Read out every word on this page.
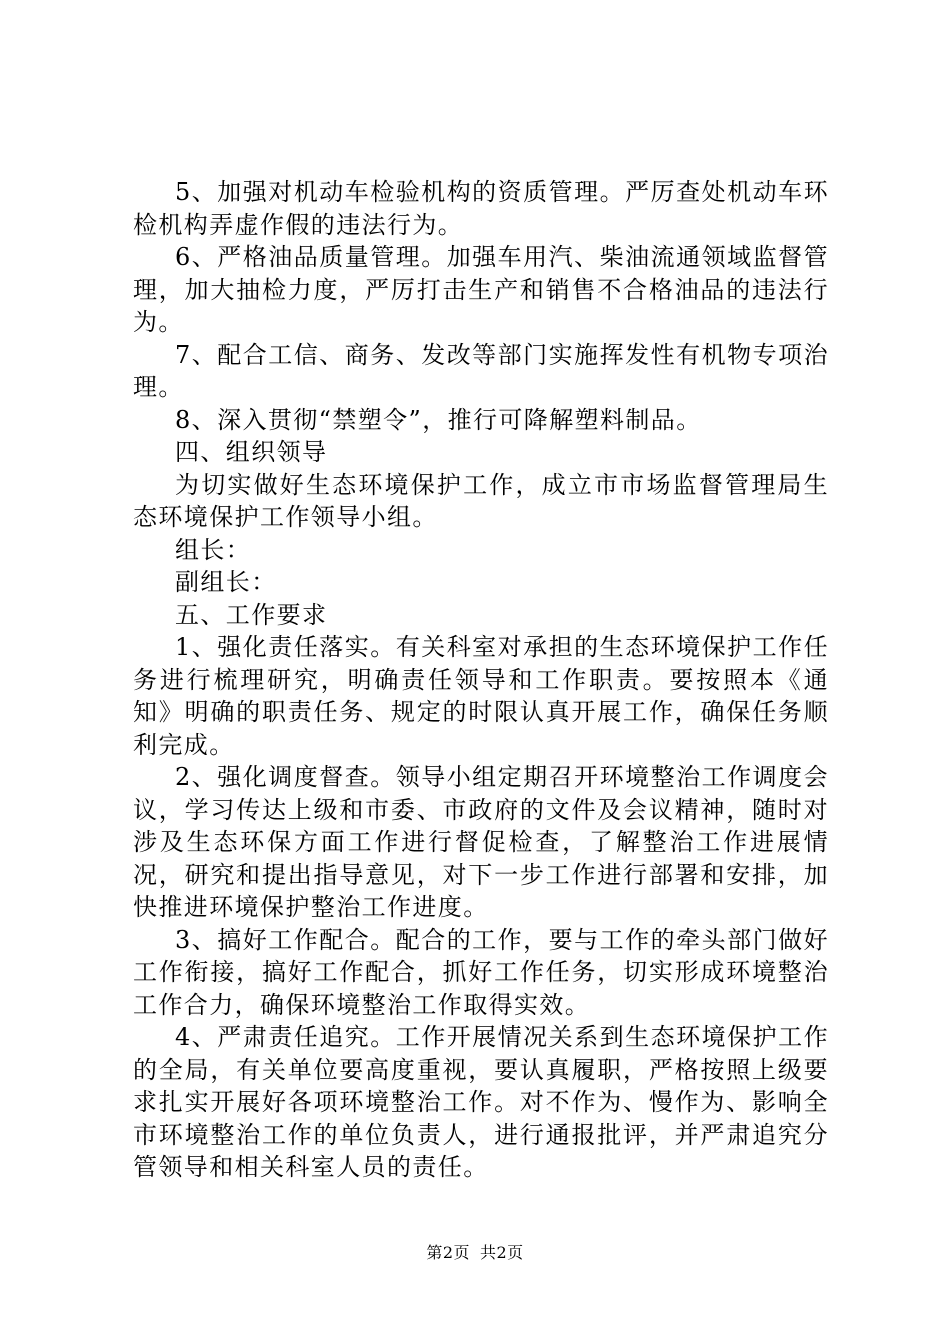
5、加强对机动车检验机构的资质管理。严厉查处机动车环检机构弄虚作假的违法行为。

6、严格油品质量管理。加强车用汽、柴油流通领域监督管理，加大抽检力度，严厉打击生产和销售不合格油品的违法行为。

7、配合工信、商务、发改等部门实施挥发性有机物专项治理。

8、深入贯彻“禁塑令”，推行可降解塑料制品。

四、组织领导

为切实做好生态环境保护工作，成立市市场监督管理局生态环境保护工作领导小组。

组长：

副组长：

五、工作要求

1、强化责任落实。有关科室对承担的生态环境保护工作任务进行梳理研究，明确责任领导和工作职责。要按照本《通知》明确的职责任务、规定的时限认真开展工作，确保任务顺利完成。

2、强化调度督查。领导小组定期召开环境整治工作调度会议，学习传达上级和市委、市政府的文件及会议精神，随时对涉及生态环保方面工作进行督促检查，了解整治工作进展情况，研究和提出指导意见，对下一步工作进行部署和安排，加快推进环境保护整治工作进度。

3、搞好工作配合。配合的工作，要与工作的牵头部门做好工作衔接，搞好工作配合，抓好工作任务，切实形成环境整治工作合力，确保环境整治工作取得实效。

4、严肃责任追究。工作开展情况关系到生态环境保护工作的全局，有关单位要高度重视，要认真履职，严格按照上级要求扎实开展好各项环境整治工作。对不作为、慢作为、影响全市环境整治工作的单位负责人，进行通报批评，并严肃追究分管领导和相关科室人员的责任。

第2页 共2页
